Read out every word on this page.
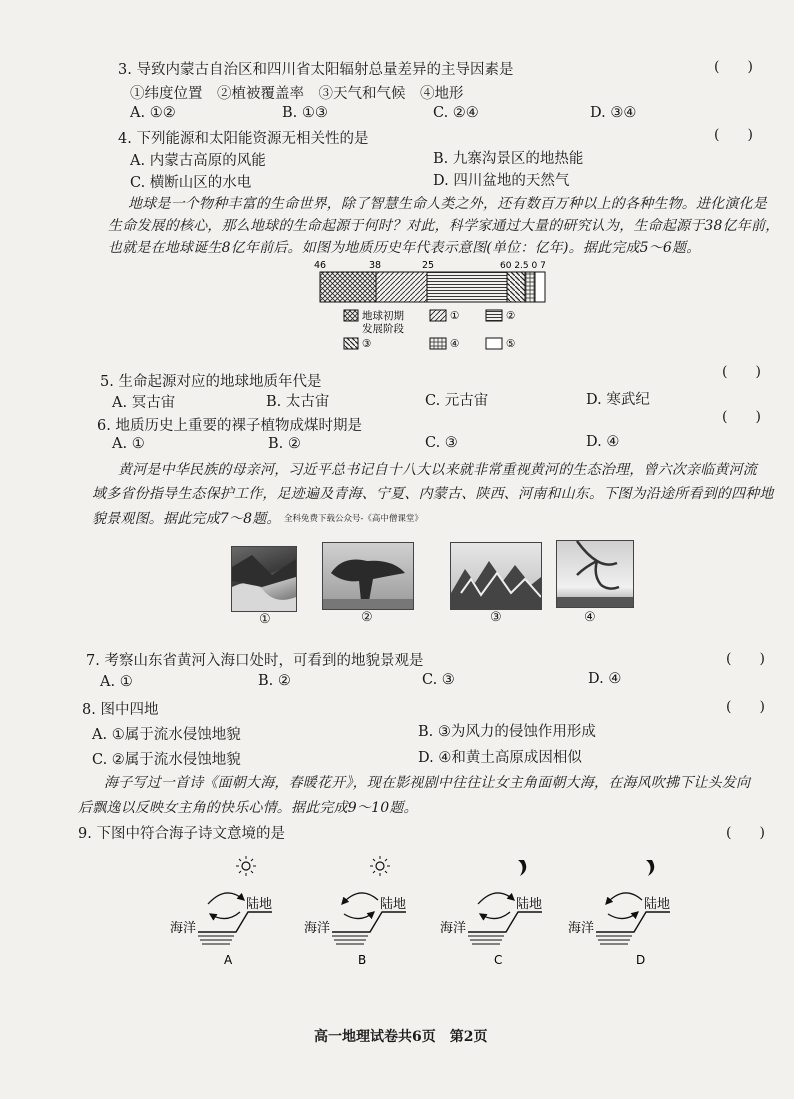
3. 导致内蒙古自治区和四川省太阳辐射总量差异的主导因素是	(　　)
①纬度位置　②植被覆盖率　③天气和气候　④地形
A. ①②	B. ①③	C. ②④	D. ③④
4. 下列能源和太阳能资源无相关性的是	(　　)
A. 内蒙古高原的风能	B. 九寨沟景区的地热能
C. 横断山区的水电	D. 四川盆地的天然气
地球是一个物种丰富的生命世界，除了智慧生命人类之外，还有数百万种以上的各种生物。进化演化是
生命发展的核心，那么地球的生命起源于何时？对此，科学家通过大量的研究认为，生命起源于38亿年前，
也就是在地球诞生8亿年前后。如图为地质历史年代表示意图(单位：亿年)。据此完成5～6题。
46	38	25	60 2.5 0 7
地球初期
发展阶段
①	②
③	④	⑤
5. 生命起源对应的地球地质年代是
(　　)
A. 冥古宙	B. 太古宙	C. 元古宙	D. 寒武纪
6. 地质历史上重要的裸子植物成煤时期是
(　　)
A. ①	B. ②	C. ③	D. ④
黄河是中华民族的母亲河，习近平总书记自十八大以来就非常重视黄河的生态治理，曾六次亲临黄河流
域多省份指导生态保护工作，足迹遍及青海、宁夏、内蒙古、陕西、河南和山东。下图为沿途所看到的四种地
貌景观图。据此完成7～8题。 全科免费下载公众号-《高中僧课堂》
①	②	③	④
7. 考察山东省黄河入海口处时，可看到的地貌景观是	(　　)
A. ①	B. ②	C. ③	D. ④
8. 图中四地	(　　)
A. ①属于流水侵蚀地貌	B. ③为风力的侵蚀作用形成
C. ②属于流水侵蚀地貌	D. ④和黄土高原成因相似
海子写过一首诗《面朝大海，春暖花开》，现在影视剧中往往让女主角面朝大海，在海风吹拂下让头发向
后飘逸以反映女主角的快乐心情。据此完成9～10题。
9. 下图中符合海子诗文意境的是	(　　)
陆地
海洋
A
陆地
海洋
B
陆地
海洋
C
陆地
海洋
D
高一地理试卷共6页　第2页
